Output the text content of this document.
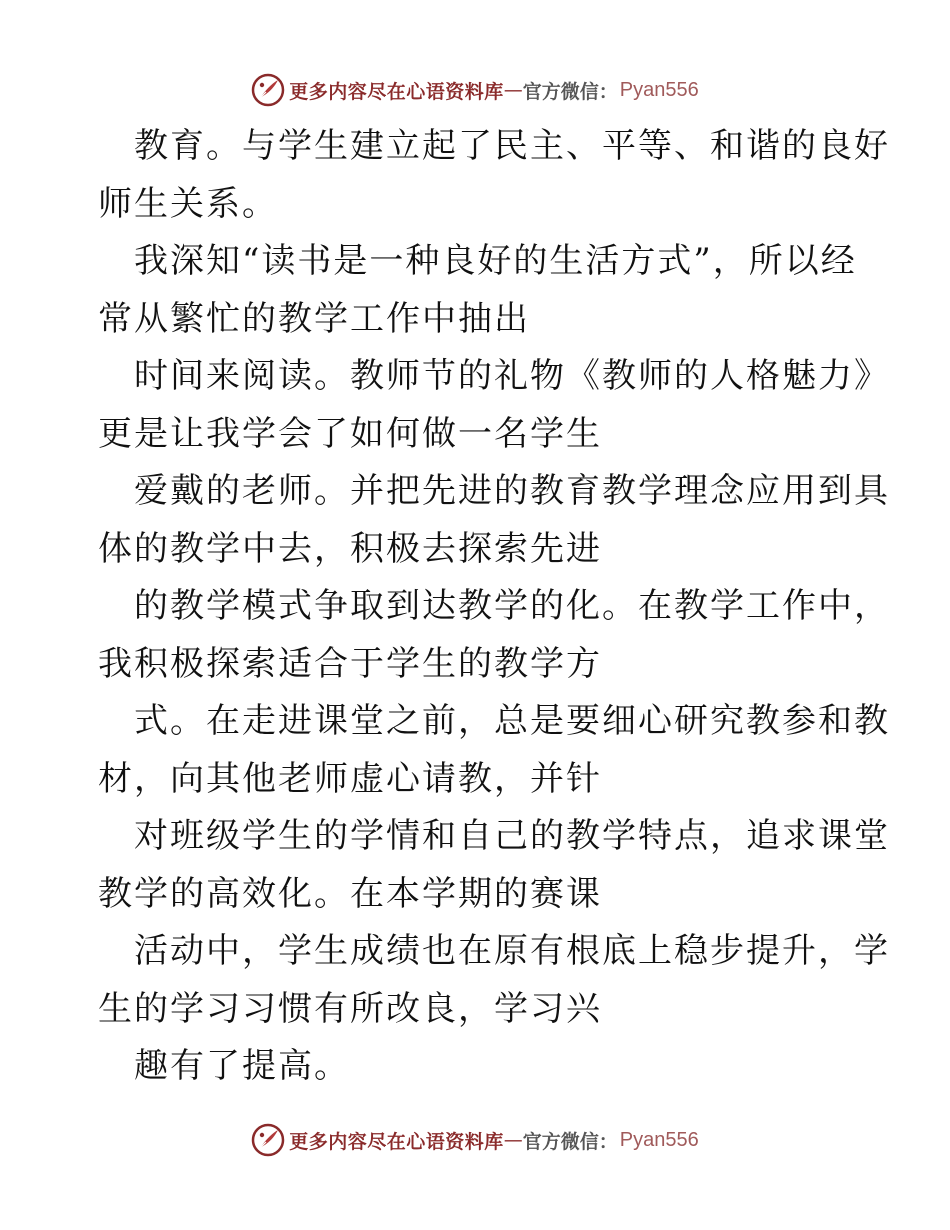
更多内容尽在心语资料库 — 官方微信： Pyan556
教育。与学生建立起了民主、平等、和谐的良好
师生关系。
我深知“读书是一种良好的生活方式”，所以经
常从繁忙的教学工作中抽出
时间来阅读。教师节的礼物《教师的人格魅力》
更是让我学会了如何做一名学生
爱戴的老师。并把先进的教育教学理念应用到具
体的教学中去，积极去探索先进
的教学模式争取到达教学的化。在教学工作中，
我积极探索适合于学生的教学方
式。在走进课堂之前，总是要细心研究教参和教
材，向其他老师虚心请教，并针
对班级学生的学情和自己的教学特点，追求课堂
教学的高效化。在本学期的赛课
活动中，学生成绩也在原有根底上稳步提升，学
生的学习习惯有所改良，学习兴
趣有了提高。
更多内容尽在心语资料库 — 官方微信： Pyan556
